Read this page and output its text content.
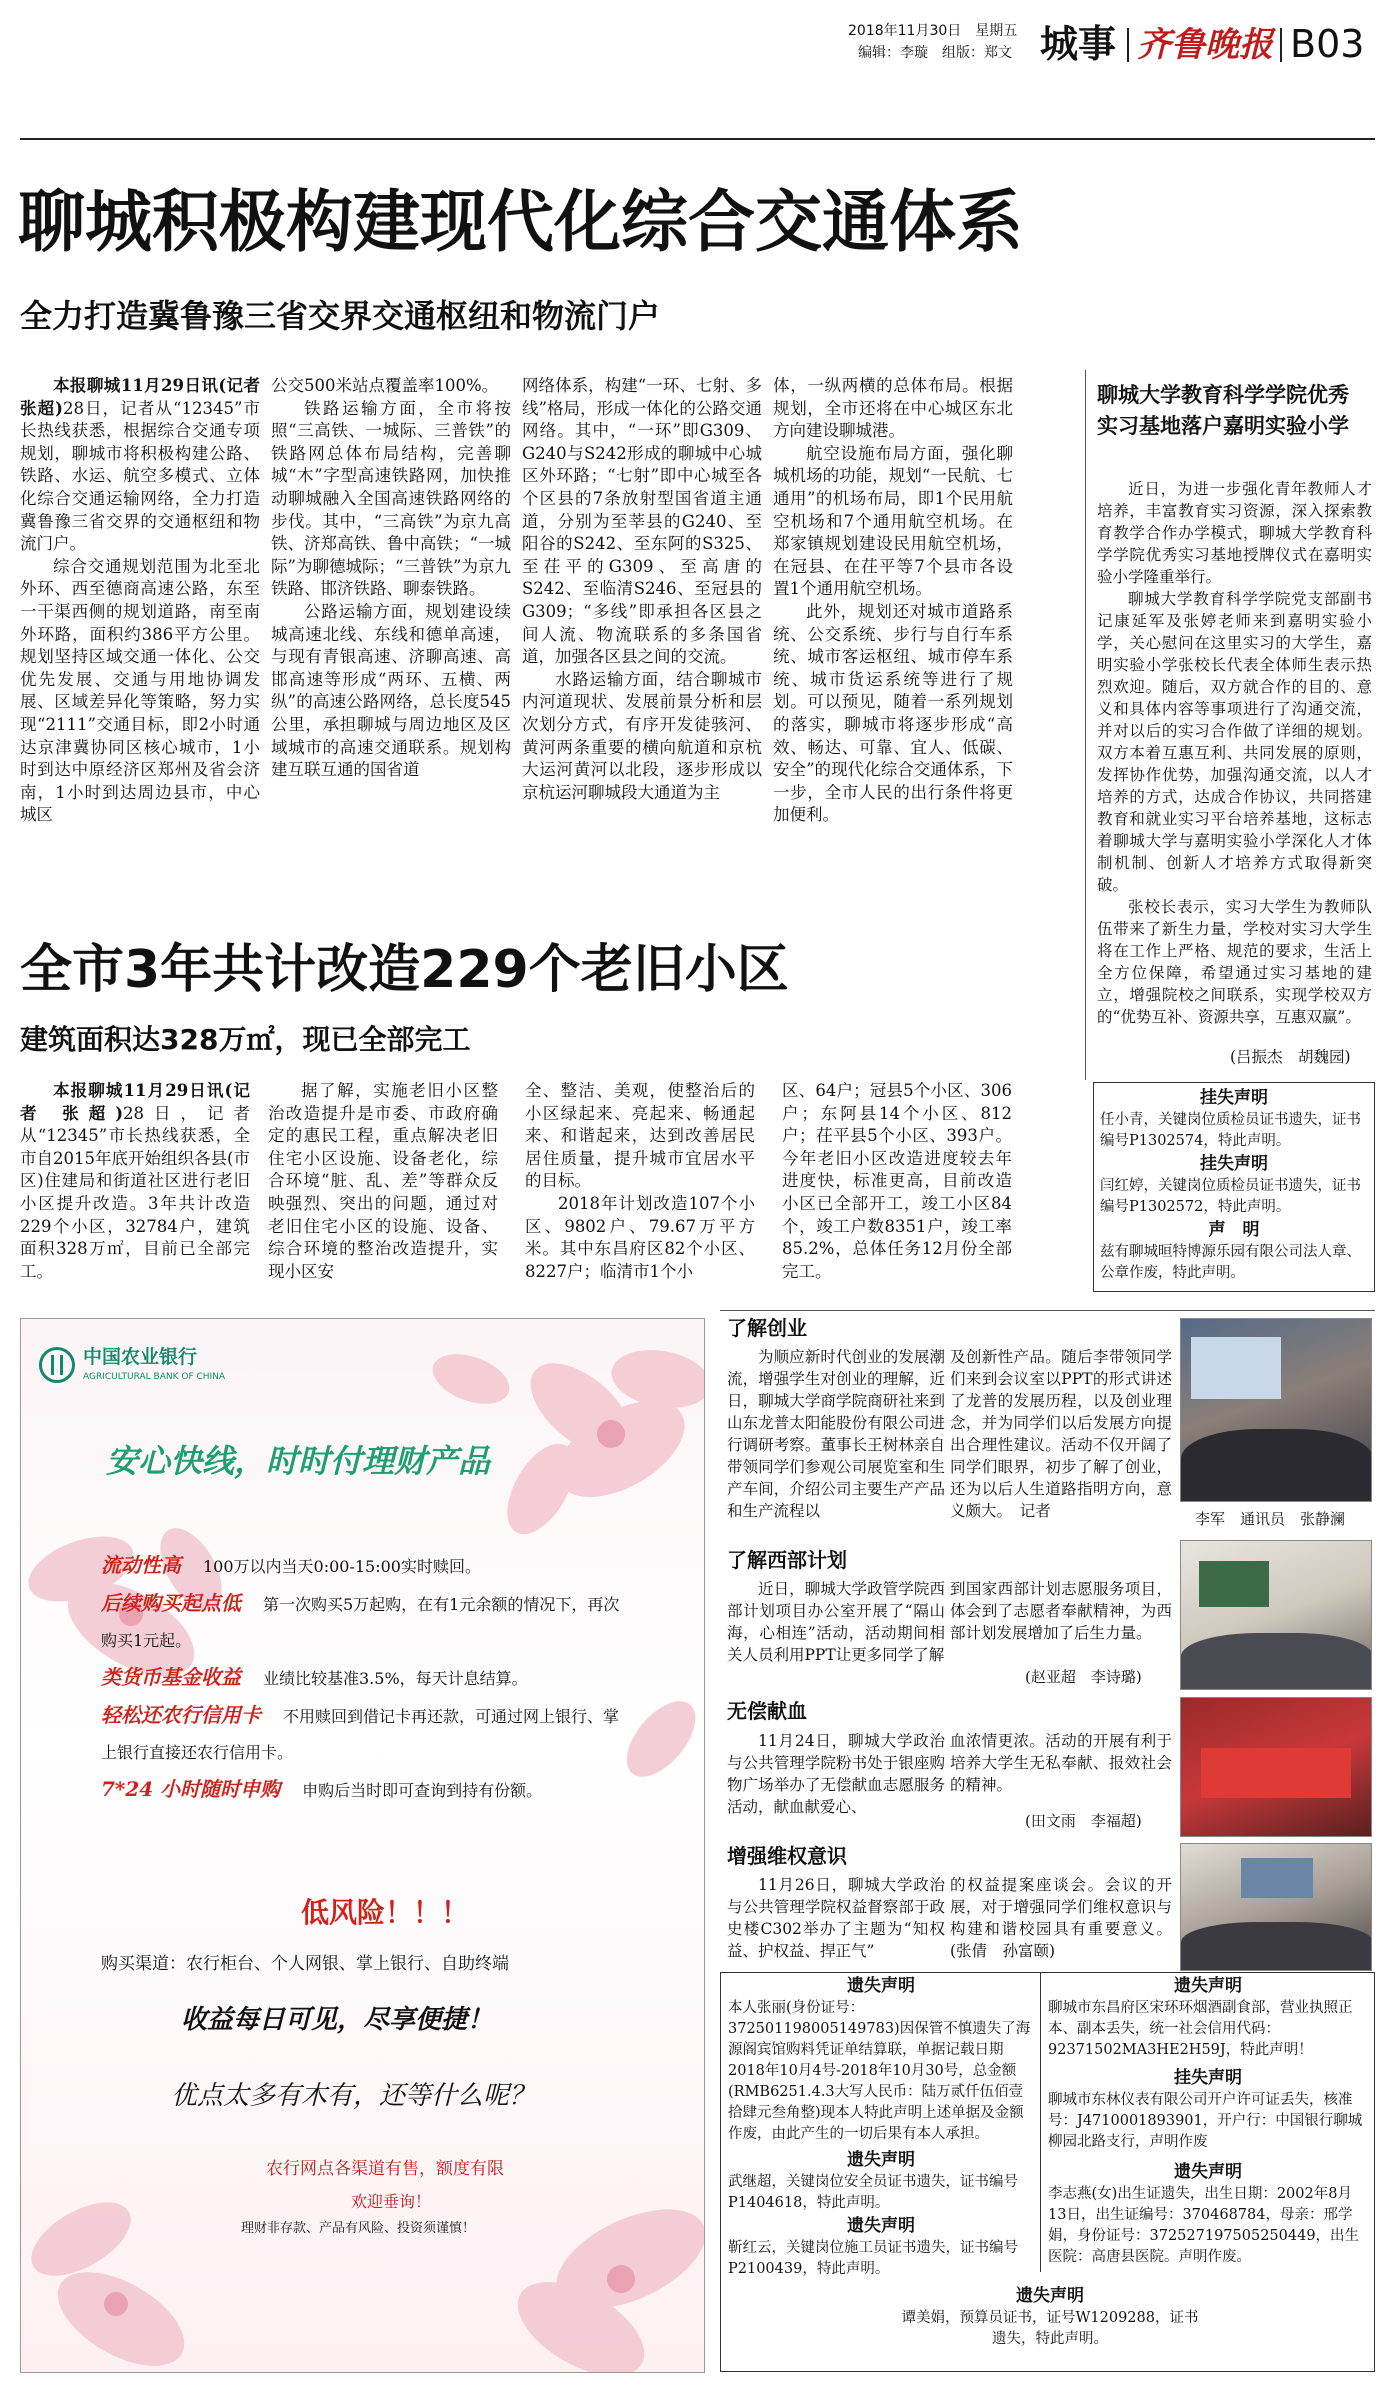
2018年11月30日　星期五
编辑：李璇　组版：郑文 城事 齐鲁晚报 B03
聊城积极构建现代化综合交通体系
全力打造冀鲁豫三省交界交通枢纽和物流门户

本报聊城11月29日讯(记者 张超)28日，记者从“12345”市长热线获悉，根据综合交通专项规划，聊城市将积极构建公路、铁路、水运、航空多模式、立体化综合交通运输网络，全力打造冀鲁豫三省交界的交通枢纽和物流门户。

综合交通规划范围为北至北外环、西至德商高速公路，东至一干渠西侧的规划道路，南至南外环路，面积约386平方公里。规划坚持区域交通一体化、公交优先发展、交通与用地协调发展、区域差异化等策略，努力实现“2111”交通目标，即2小时通达京津冀协同区核心城市，1小时到达中原经济区郑州及省会济南，1小时到达周边县市，中心城区

公交500米站点覆盖率100%。

铁路运输方面，全市将按照“三高铁、一城际、三普铁”的铁路网总体布局结构，完善聊城“木”字型高速铁路网，加快推动聊城融入全国高速铁路网络的步伐。其中，“三高铁”为京九高铁、济郑高铁、鲁中高铁；“一城际”为聊德城际；“三普铁”为京九铁路、邯济铁路、聊泰铁路。

公路运输方面，规划建设续城高速北线、东线和德单高速，与现有青银高速、济聊高速、高邯高速等形成“两环、五横、两纵”的高速公路网络，总长度545公里，承担聊城与周边地区及区域城市的高速交通联系。规划构建互联互通的国省道

网络体系，构建“一环、七射、多线”格局，形成一体化的公路交通网络。其中，“一环”即G309、G240与S242形成的聊城中心城区外环路；“七射”即中心城至各个区县的7条放射型国省道主通道，分别为至莘县的G240、至阳谷的S242、至东阿的S325、至茌平的G309、至高唐的S242、至临清S246、至冠县的G309；“多线”即承担各区县之间人流、物流联系的多条国省道，加强各区县之间的交流。

水路运输方面，结合聊城市内河道现状、发展前景分析和层次划分方式，有序开发徒骇河、黄河两条重要的横向航道和京杭大运河黄河以北段，逐步形成以京杭运河聊城段大通道为主

体，一纵两横的总体布局。根据规划，全市还将在中心城区东北方向建设聊城港。

航空设施布局方面，强化聊城机场的功能，规划“一民航、七通用”的机场布局，即1个民用航空机场和7个通用航空机场。在郑家镇规划建设民用航空机场，在冠县、在茌平等7个县市各设置1个通用航空机场。

此外，规划还对城市道路系统、公交系统、步行与自行车系统、城市客运枢纽、城市停车系统、城市货运系统等进行了规划。可以预见，随着一系列规划的落实，聊城市将逐步形成“高效、畅达、可靠、宜人、低碳、安全”的现代化综合交通体系，下一步，全市人民的出行条件将更加便利。

全市3年共计改造229个老旧小区
建筑面积达328万㎡，现已全部完工

本报聊城11月29日讯(记者 张超)28日，记者从“12345”市长热线获悉，全市自2015年底开始组织各县(市区)住建局和街道社区进行老旧小区提升改造。3年共计改造229个小区，32784户，建筑面积328万㎡，目前已全部完工。

据了解，实施老旧小区整治改造提升是市委、市政府确定的惠民工程，重点解决老旧住宅小区设施、设备老化，综合环境“脏、乱、差”等群众反映强烈、突出的问题，通过对老旧住宅小区的设施、设备、综合环境的整治改造提升，实现小区安

全、整洁、美观，使整治后的小区绿起来、亮起来、畅通起来、和谐起来，达到改善居民居住质量，提升城市宜居水平的目标。

2018年计划改造107个小区、9802户、79.67万平方米。其中东昌府区82个小区、8227户；临清市1个小

区、64户；冠县5个小区、306户；东阿县14个小区、812户；茌平县5个小区、393户。今年老旧小区改造进度较去年进度快，标准更高，目前改造小区已全部开工，竣工小区84个，竣工户数8351户，竣工率85.2%，总体任务12月份全部完工。

聊城大学教育科学学院优秀实习基地落户嘉明实验小学

近日，为进一步强化青年教师人才培养，丰富教育实习资源，深入探索教育教学合作办学模式，聊城大学教育科学学院优秀实习基地授牌仪式在嘉明实验小学隆重举行。

聊城大学教育科学学院党支部副书记康延军及张婷老师来到嘉明实验小学，关心慰问在这里实习的大学生，嘉明实验小学张校长代表全体师生表示热烈欢迎。随后，双方就合作的目的、意义和具体内容等事项进行了沟通交流，并对以后的实习合作做了详细的规划。双方本着互惠互利、共同发展的原则，发挥协作优势，加强沟通交流，以人才培养的方式，达成合作协议，共同搭建教育和就业实习平台培养基地，这标志着聊城大学与嘉明实验小学深化人才体制机制、创新人才培养方式取得新突破。

张校长表示，实习大学生为教师队伍带来了新生力量，学校对实习大学生将在工作上严格、规范的要求，生活上全方位保障，希望通过实习基地的建立，增强院校之间联系，实现学校双方的“优势互补、资源共享，互惠双赢”。

(吕振杰　胡魏园)
挂失声明
任小青，关键岗位质检员证书遗失，证书编号P1302574，特此声明。
挂失声明
闫红婷，关键岗位质检员证书遗失，证书编号P1302572，特此声明。
声　明
兹有聊城晅特博源乐园有限公司法人章、公章作废，特此声明。
中国农业银行
AGRICULTURAL BANK OF CHINA
安心快线，时时付理财产品
流动性高 100万以内当天0:00-15:00实时赎回。
后续购买起点低 第一次购买5万起购，在有1元余额的情况下，再次购买1元起。
类货币基金收益 业绩比较基准3.5%，每天计息结算。
轻松还农行信用卡 不用赎回到借记卡再还款，可通过网上银行、掌上银行直接还农行信用卡。
7*24 小时随时申购 申购后当时即可查询到持有份额。
低风险！！！
购买渠道：农行柜台、个人网银、掌上银行、自助终端
收益每日可见，尽享便捷！
优点太多有木有，还等什么呢？
农行网点各渠道有售，额度有限
欢迎垂询！
理财非存款、产品有风险、投资须谨慎！
了解创业

为顺应新时代创业的发展潮流，增强学生对创业的理解，近日，聊城大学商学院商研社来到山东龙普太阳能股份有限公司进行调研考察。董事长王树林亲自带领同学们参观公司展览室和生产车间，介绍公司主要生产产品和生产流程以

及创新性产品。随后李带领同学们来到会议室以PPT的形式讲述了龙普的发展历程，以及创业理念，并为同学们以后发展方向提出合理性建议。活动不仅开阔了同学们眼界，初步了解了创业，还为以后人生道路指明方向，意义颇大。　记者	李军　通讯员　张静澜
了解西部计划

近日，聊城大学政管学院西部计划项目办公室开展了“隔山海，心相连”活动，活动期间相关人员利用PPT让更多同学了解

到国家西部计划志愿服务项目，体会到了志愿者奉献精神，为西部计划发展增加了后生力量。

(赵亚超　李诗璐)
无偿献血

11月24日，聊城大学政治与公共管理学院粉书处于银座购物广场举办了无偿献血志愿服务活动，献血献爱心、

血浓情更浓。活动的开展有利于培养大学生无私奉献、报效社会的精神。

(田文雨　李福超)
增强维权意识

11月26日，聊城大学政治与公共管理学院权益督察部于政史楼C302举办了主题为“知权益、护权益、捍正气”

的权益提案座谈会。会议的开展，对于增强同学们维权意识与构建和谐校园具有重要意义。(张倩　孙富颐)

遗失声明
本人张丽(身份证号：372501198005149783)因保管不慎遗失了海源阁宾馆购料凭证单结算联，单据记载日期2018年10月4号-2018年10月30号，总金额(RMB6251.4.3大写人民币：陆万贰仟伍佰壹拾肆元叁角整)现本人特此声明上述单据及金额作废，由此产生的一切后果有本人承担。
遗失声明
武继超，关键岗位安全员证书遗失，证书编号P1404618，特此声明。
遗失声明
靳红云，关键岗位施工员证书遗失，证书编号P2100439，特此声明。
遗失声明
聊城市东昌府区宋环环烟酒副食部，营业执照正本、副本丢失，统一社会信用代码：92371502MA3HE2H59J，特此声明！
挂失声明
聊城市东林仪表有限公司开户许可证丢失，核准号：J4710001893901，开户行：中国银行聊城柳园北路支行，声明作废
遗失声明
李志燕(女)出生证遗失，出生日期：2002年8月13日，出生证编号：370468784，母亲：邢学娟，身份证号：372527197505250449，出生医院：高唐县医院。声明作废。
遗失声明
谭美娟，预算员证书，证号W1209288，证书遗失，特此声明。
